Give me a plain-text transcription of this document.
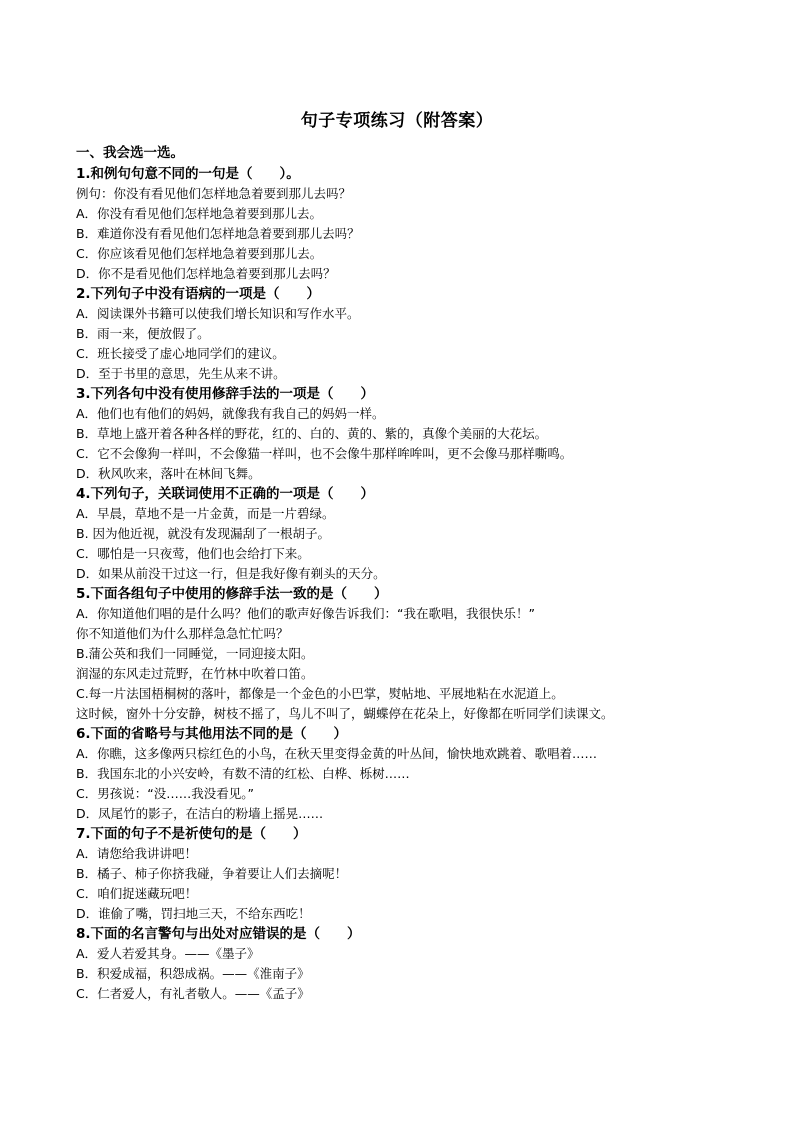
句子专项练习（附答案）
一、我会选一选。
1.和例句句意不同的一句是（　　）。
例句：你没有看见他们怎样地急着要到那儿去吗？
A．你没有看见他们怎样地急着要到那儿去。
B．难道你没有看见他们怎样地急着要到那儿去吗？
C．你应该看见他们怎样地急着要到那儿去。
D．你不是看见他们怎样地急着要到那儿去吗？
2.下列句子中没有语病的一项是（　　）
A．阅读课外书籍可以使我们增长知识和写作水平。
B．雨一来，便放假了。
C．班长接受了虚心地同学们的建议。
D．至于书里的意思，先生从来不讲。
3.下列各句中没有使用修辞手法的一项是（　　）
A．他们也有他们的妈妈，就像我有我自己的妈妈一样。
B．草地上盛开着各种各样的野花，红的、白的、黄的、紫的，真像个美丽的大花坛。
C．它不会像狗一样叫，不会像猫一样叫，也不会像牛那样哞哞叫，更不会像马那样嘶鸣。
D．秋风吹来，落叶在林间飞舞。
4.下列句子，关联词使用不正确的一项是（　　）
A．早晨，草地不是一片金黄，而是一片碧绿。
B. 因为他近视，就没有发现漏刮了一根胡子。
C．哪怕是一只夜莺，他们也会给打下来。
D．如果从前没干过这一行，但是我好像有剃头的天分。
5.下面各组句子中使用的修辞手法一致的是（　　）
A．你知道他们唱的是什么吗？他们的歌声好像告诉我们：“我在歌唱，我很快乐！”
你不知道他们为什么那样急急忙忙吗？
B.蒲公英和我们一同睡觉，一同迎接太阳。
润湿的东风走过荒野，在竹林中吹着口笛。
C.每一片法国梧桐树的落叶，都像是一个金色的小巴掌，熨帖地、平展地粘在水泥道上。
这时候，窗外十分安静，树枝不摇了，鸟儿不叫了，蝴蝶停在花朵上，好像都在听同学们读课文。
6.下面的省略号与其他用法不同的是（　　）
A．你瞧，这多像两只棕红色的小鸟，在秋天里变得金黄的叶丛间，愉快地欢跳着、歌唱着……
B．我国东北的小兴安岭，有数不清的红松、白桦、栎树……
C．男孩说：“没……我没看见。”
D．凤尾竹的影子，在洁白的粉墙上摇晃……
7.下面的句子不是祈使句的是（　　）
A．请您给我讲讲吧！
B．橘子、柿子你挤我碰，争着要让人们去摘呢！
C．咱们捉迷藏玩吧！
D．谁偷了嘴，罚扫地三天，不给东西吃！
8.下面的名言警句与出处对应错误的是（　　）
A．爱人若爱其身。——《墨子》
B．积爱成福，积怨成祸。——《淮南子》
C．仁者爱人，有礼者敬人。——《孟子》
